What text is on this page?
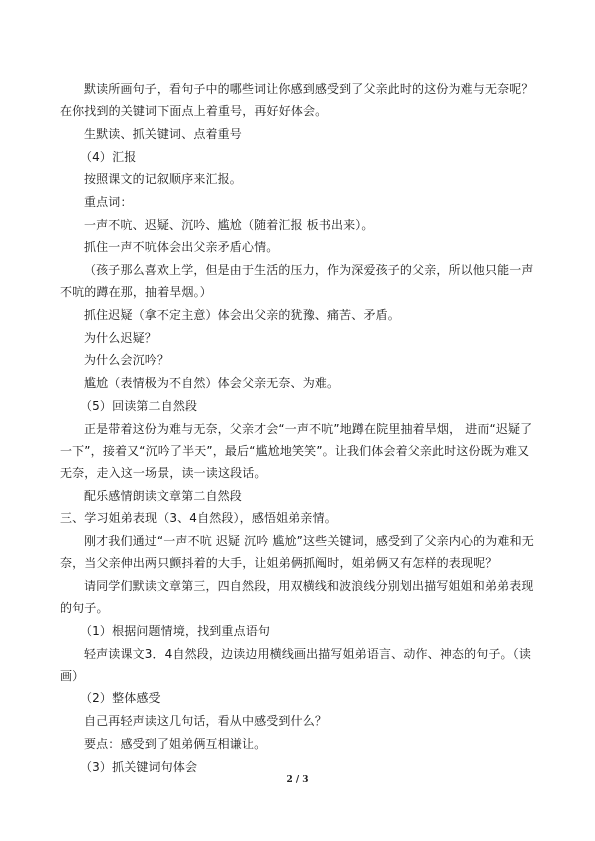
默读所画句子，看句子中的哪些词让你感到感受到了父亲此时的这份为难与无奈呢？在你找到的关键词下面点上着重号，再好好体会。

生默读、抓关键词、点着重号

（4）汇报

按照课文的记叙顺序来汇报。

重点词：

一声不吭、迟疑、沉吟、尴尬（随着汇报 板书出来）。

抓住一声不吭体会出父亲矛盾心情。

（孩子那么喜欢上学，但是由于生活的压力，作为深爱孩子的父亲，所以他只能一声不吭的蹲在那，抽着旱烟。）

抓住迟疑（拿不定主意）体会出父亲的犹豫、痛苦、矛盾。

为什么迟疑？

为什么会沉吟？

尴尬（表情极为不自然）体会父亲无奈、为难。

（5）回读第二自然段

正是带着这份为难与无奈，父亲才会“一声不吭”地蹲在院里抽着旱烟， 进而“迟疑了一下”，接着又“沉吟了半天”，最后“尴尬地笑笑”。让我们体会着父亲此时这份既为难又无奈，走入这一场景，读一读这段话。

配乐感情朗读文章第二自然段

三、学习姐弟表现（3、4自然段），感悟姐弟亲情。

刚才我们通过“一声不吭 迟疑 沉吟 尴尬”这些关键词，感受到了父亲内心的为难和无奈，当父亲伸出两只颤抖着的大手，让姐弟俩抓阄时，姐弟俩又有怎样的表现呢？

请同学们默读文章第三，四自然段，用双横线和波浪线分别划出描写姐姐和弟弟表现的句子。

（1）根据问题情境，找到重点语句

轻声读课文3．4自然段，边读边用横线画出描写姐弟语言、动作、神态的句子。（读画）

（2）整体感受

自己再轻声读这几句话，看从中感受到什么？

要点：感受到了姐弟俩互相谦让。

（3）抓关键词句体会

2 / 3
